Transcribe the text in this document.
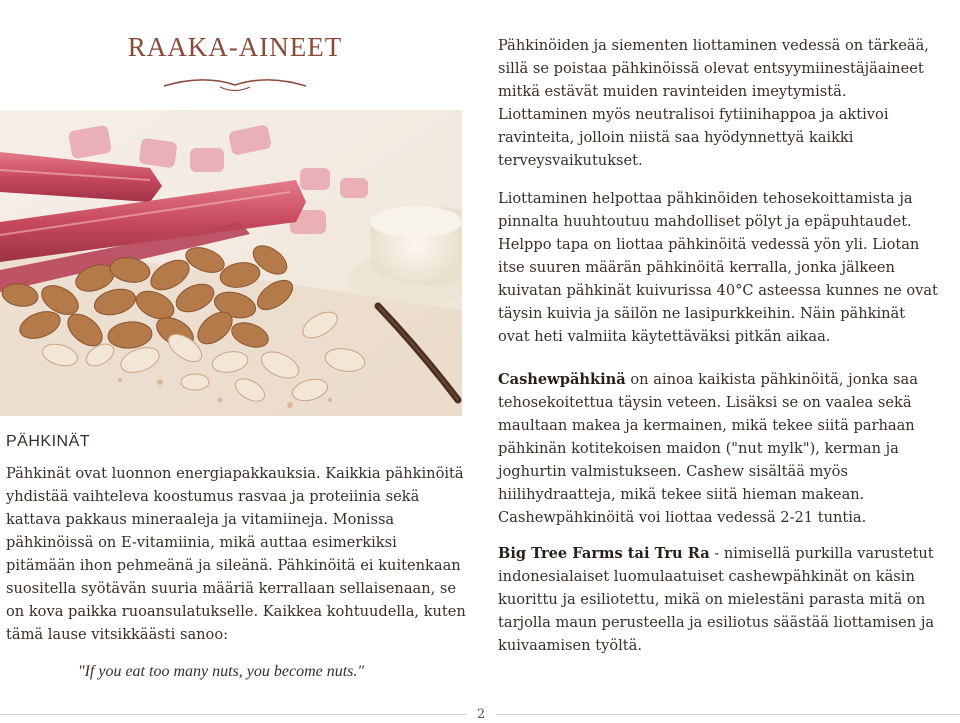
RAAKA-AINEET	Pähkinöiden ja siementen liottaminen vedessä on tärkeää, sillä se poistaa pähkinöissä olevat entsyymiinestäjäaineet mitkä estävät muiden ravinteiden imeytymistä. Liottaminen myös neutralisoi fytiinihappoa ja aktivoi ravinteita, jolloin niistä saa hyödynnettyä kaikki terveysvaikutukset.

Liottaminen helpottaa pähkinöiden tehosekoittamista ja pinnalta huuhtoutuu mahdolliset pölyt ja epäpuhtaudet. Helppo tapa on liottaa pähkinöitä vedessä yön yli. Liotan itse suuren määrän pähkinöitä kerralla, jonka jälkeen kuivatan pähkinät kuivurissa 40°C asteessa kunnes ne ovat täysin kuivia ja säilön ne lasipurkkeihin. Näin pähkinät ovat heti valmiita käytettäväksi pitkän aikaa.

Cashewpähkinä on ainoa kaikista pähkinöitä, jonka saa tehosekoitettua täysin veteen. Lisäksi se on vaalea sekä maultaan makea ja kermainen, mikä tekee siitä parhaan pähkinän kotitekoisen maidon ("nut mylk"), kerman ja joghurtin valmistukseen. Cashew sisältää myös hiilihydraatteja, mikä tekee siitä hieman makean. Cashewpähkinöitä voi liottaa vedessä 2-21 tuntia.

Big Tree Farms tai Tru Ra - nimisellä purkilla varustetut indonesialaiset luomulaatuiset cashewpähkinät on käsin kuorittu ja esiliotettu, mikä on mielestäni parasta mitä on tarjolla maun perusteella ja esiliotus säästää liottamisen ja kuivaamisen työltä.

PÄHKINÄT

Pähkinät ovat luonnon energiapakkauksia. Kaikkia pähkinöitä yhdistää vaihteleva koostumus rasvaa ja proteiinia sekä kattava pakkaus mineraaleja ja vitamiineja. Monissa pähkinöissä on E-vitamiinia, mikä auttaa esimerkiksi pitämään ihon pehmeänä ja sileänä. Pähkinöitä ei kuitenkaan suositella syötävän suuria määriä kerrallaan sellaisenaan, se on kova paikka ruoansulatukselle. Kaikkea kohtuudella, kuten tämä lause vitsikkäästi sanoo:

"If you eat too many nuts, you become nuts."
2
